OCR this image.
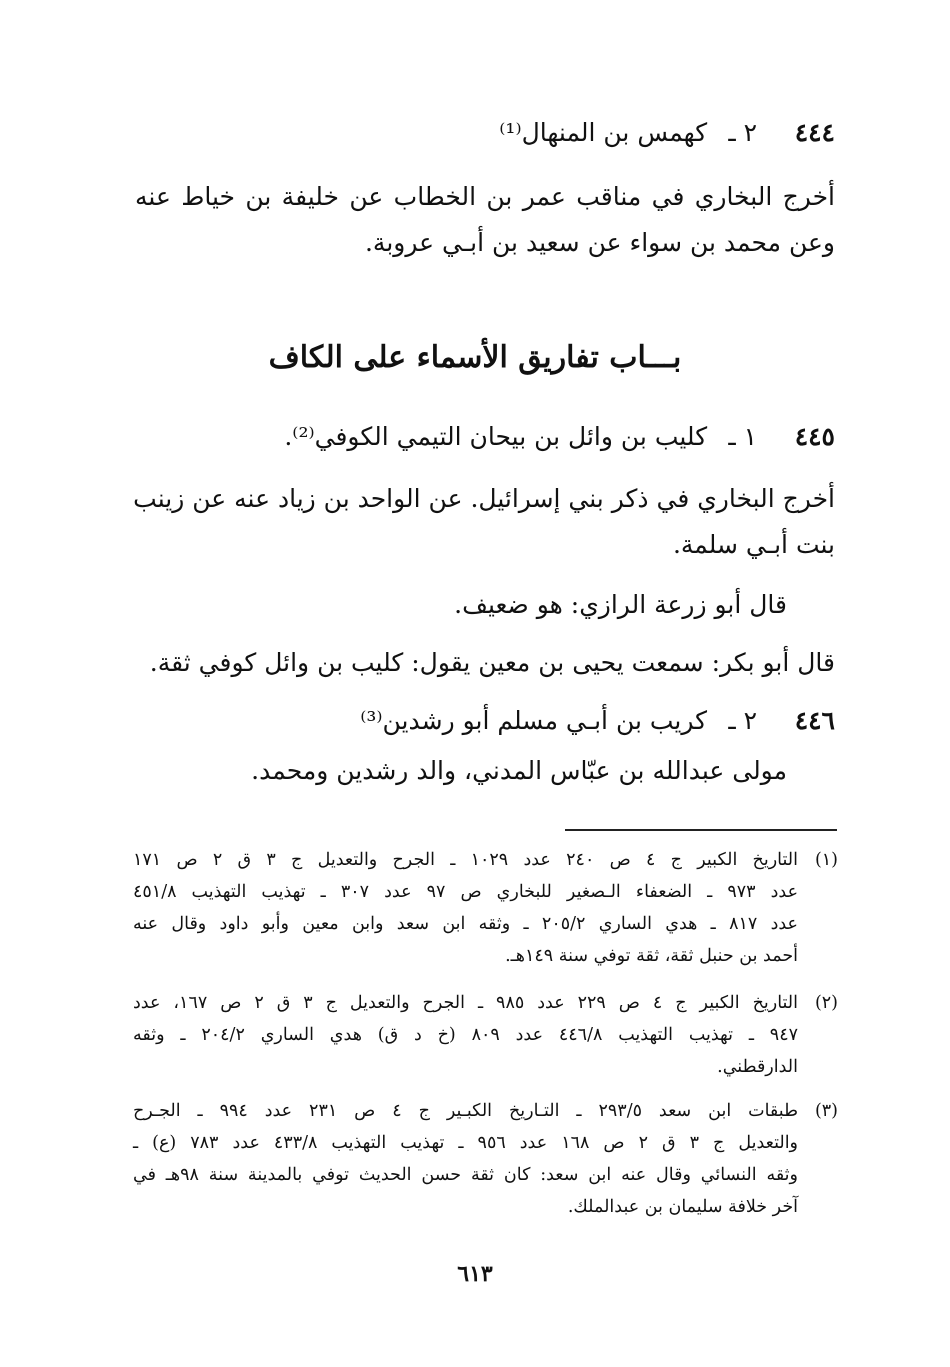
٤٤٤ ٢ ـ كهمس بن المنهال⁽¹⁾
أخرج البخاري في مناقب عمر بن الخطاب عن خليفة بن خياط عنه
وعن محمد بن سواء عن سعيد بن أبـي عروبة.
بـــاب تفاريق الأسماء على الكاف
٤٤٥ ١ ـ كليب بن وائل بن بيحان التيمي الكوفي⁽²⁾.
أخرج البخاري في ذكر بني إسرائيل. عن الواحد بن زياد عنه عن زينب
بنت أبـي سلمة.
قال أبو زرعة الرازي: هو ضعيف.
قال أبو بكر: سمعت يحيى بن معين يقول: كليب بن وائل كوفي ثقة.
٤٤٦ ٢ ـ كريب بن أبـي مسلم أبو رشدين⁽³⁾
مولى عبدالله بن عبّاس المدني، والد رشدين ومحمد.
(١)
التاريخ الكبير ج ٤ ص ٢٤٠ عدد ١٠٢٩ ـ الجرح والتعديل ج ٣ ق ٢ ص ١٧١
عدد ٩٧٣ ـ الضعفاء الـصغير للبخاري ص ٩٧ عدد ٣٠٧ ـ تهذيب التهذيب ٤٥١/٨
عدد ٨١٧ ـ هدي الساري ٢٠٥/٢ ـ وثقه ابن سعد وابن معين وأبو داود وقال عنه
أحمد بن حنبل ثقة، ثقة توفي سنة ١٤٩هـ.
(٢)
التاريخ الكبير ج ٤ ص ٢٢٩ عدد ٩٨٥ ـ الجرح والتعديل ج ٣ ق ٢ ص ١٦٧، عدد
٩٤٧ ـ تهذيب التهذيب ٤٤٦/٨ عدد ٨٠٩ (خ د ق) هدي الساري ٢٠٤/٢ ـ وثقه
الدارقطني.
(٣)
طبقات ابن سعد ٢٩٣/٥ ـ التـاريخ الكبـير ج ٤ ص ٢٣١ عدد ٩٩٤ ـ الجـرح
والتعديل ج ٣ ق ٢ ص ١٦٨ عدد ٩٥٦ ـ تهذيب التهذيب ٤٣٣/٨ عدد ٧٨٣ (ع) ـ
وثقه النسائي وقال عنه ابن سعد: كان ثقة حسن الحديث توفي بالمدينة سنة ٩٨هـ في
آخر خلافة سليمان بن عبدالملك.
٦١٣
